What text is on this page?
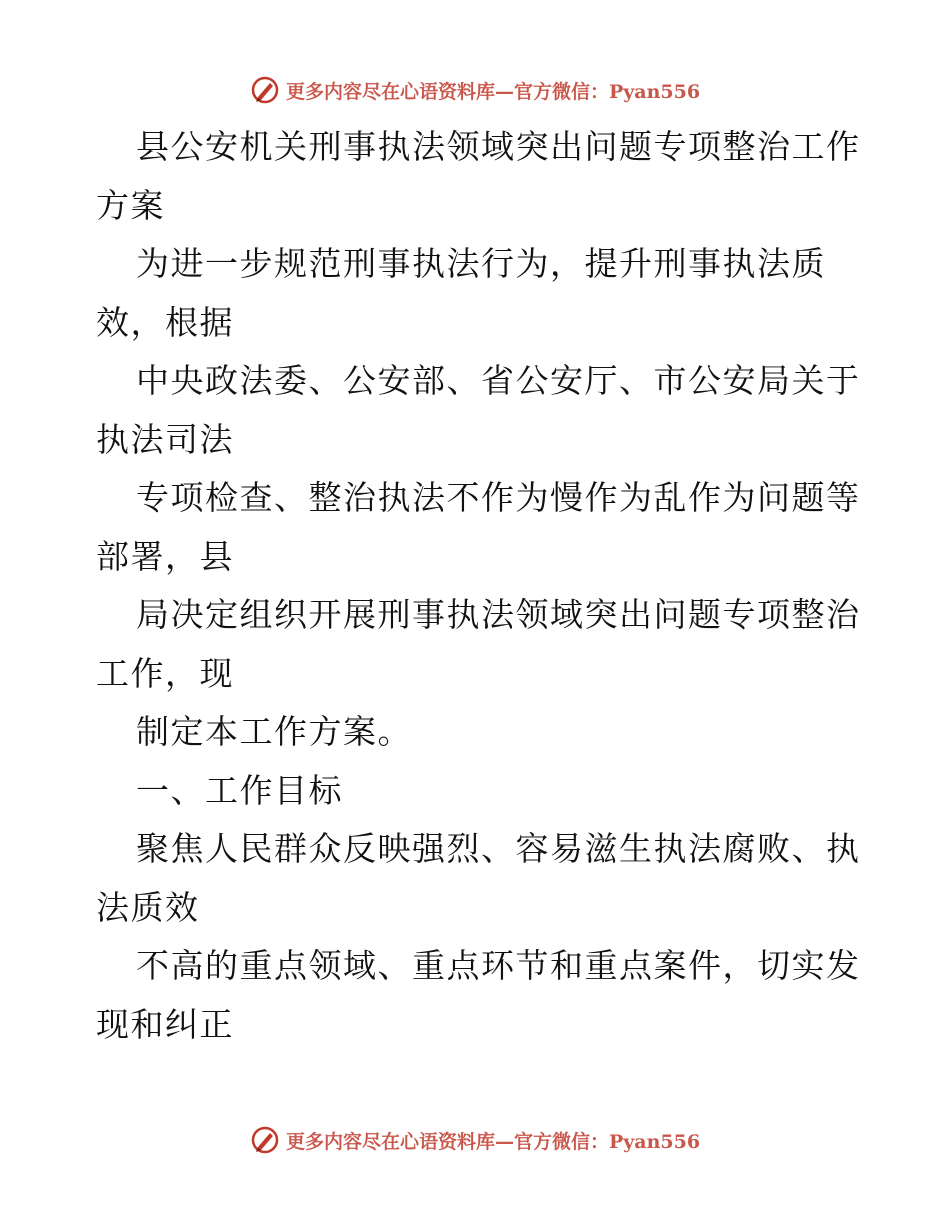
更多内容尽在心语资料库—官方微信：Pyan556
县公安机关刑事执法领域突出问题专项整治工作
方案
为进一步规范刑事执法行为，提升刑事执法质
效，根据
中央政法委、公安部、省公安厅、市公安局关于
执法司法
专项检查、整治执法不作为慢作为乱作为问题等
部署，县
局决定组织开展刑事执法领域突出问题专项整治
工作，现
制定本工作方案。
一、工作目标
聚焦人民群众反映强烈、容易滋生执法腐败、执
法质效
不高的重点领域、重点环节和重点案件，切实发
现和纠正
更多内容尽在心语资料库—官方微信：Pyan556
